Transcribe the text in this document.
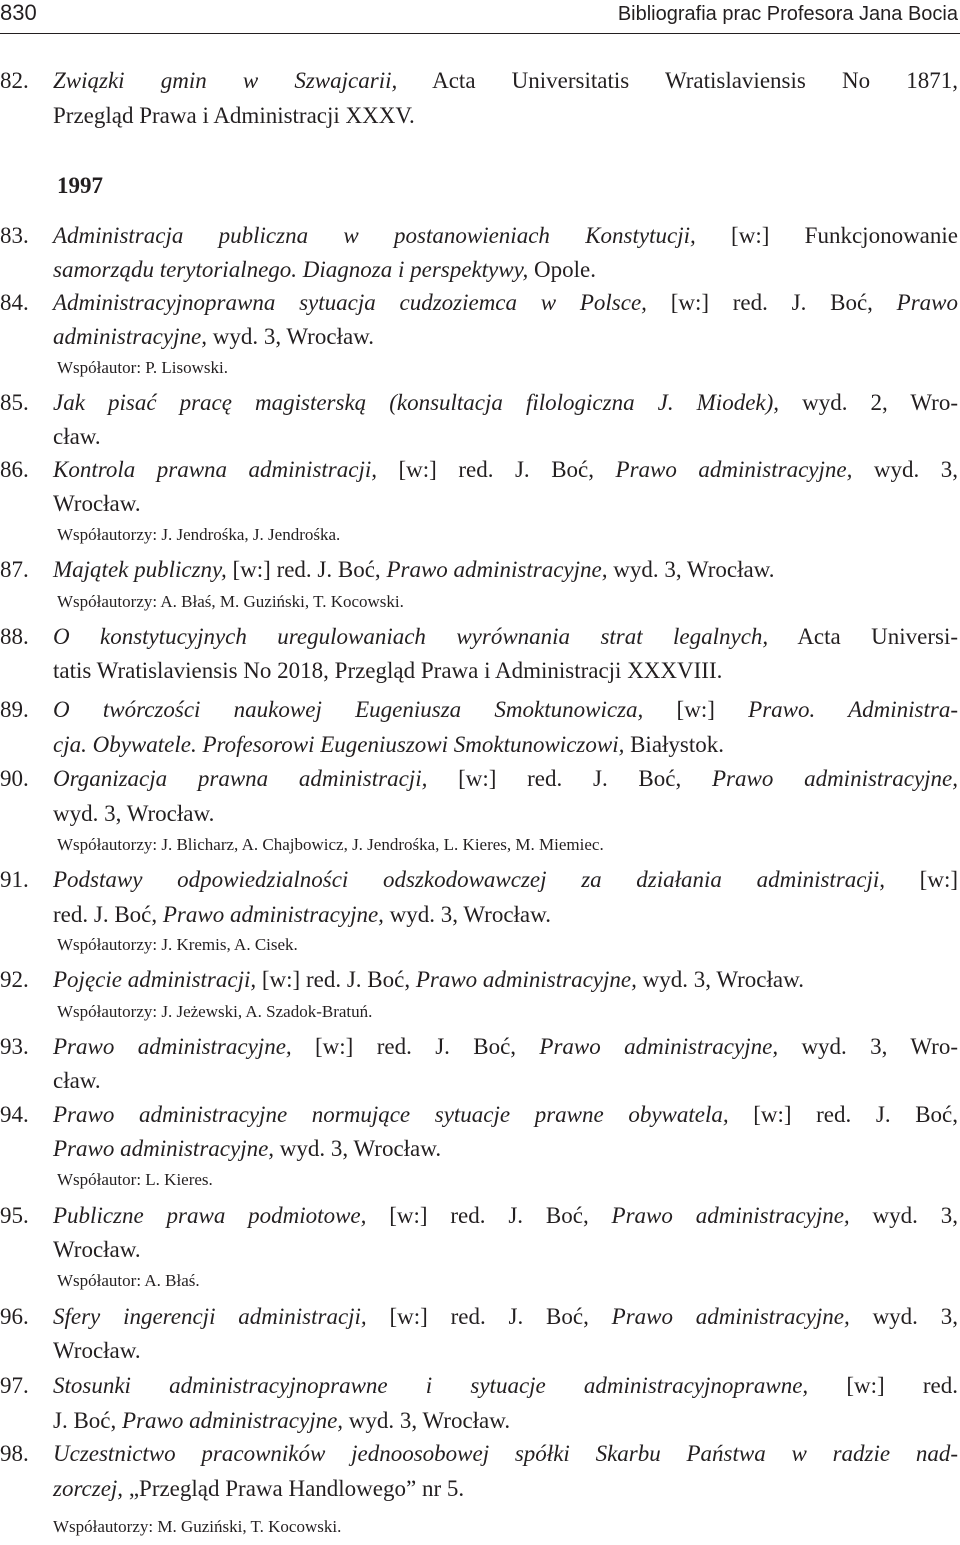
830	Bibliografia prac Profesora Jana Bocia
82. Związki gmin w Szwajcarii, Acta Universitatis Wratislaviensis No 1871,
Przegląd Prawa i Administracji XXXV.
1997
83. Administracja publiczna w postanowieniach Konstytucji, [w:] Funkcjonowanie
samorządu terytorialnego. Diagnoza i perspektywy, Opole.
84. Administracyjnoprawna sytuacja cudzoziemca w Polsce, [w:] red. J. Boć, Prawo
administracyjne, wyd. 3, Wrocław.
Współautor: P. Lisowski.
85. Jak pisać pracę magisterską (konsultacja filologiczna J. Miodek), wyd. 2, Wro-
cław.
86. Kontrola prawna administracji, [w:] red. J. Boć, Prawo administracyjne, wyd. 3,
Wrocław.
Współautorzy: J. Jendrośka, J. Jendrośka.
87. Majątek publiczny, [w:] red. J. Boć, Prawo administracyjne, wyd. 3, Wrocław.
Współautorzy: A. Błaś, M. Guziński, T. Kocowski.
88. O konstytucyjnych uregulowaniach wyrównania strat legalnych, Acta Universi-
tatis Wratislaviensis No 2018, Przegląd Prawa i Administracji XXXVIII.
89. O twórczości naukowej Eugeniusza Smoktunowicza, [w:] Prawo. Administra-
cja. Obywatele. Profesorowi Eugeniuszowi Smoktunowiczowi, Białystok.
90. Organizacja prawna administracji, [w:] red. J. Boć, Prawo administracyjne,
wyd. 3, Wrocław.
Współautorzy: J. Blicharz, A. Chajbowicz, J. Jendrośka, L. Kieres, M. Miemiec.
91. Podstawy odpowiedzialności odszkodowawczej za działania administracji, [w:]
red. J. Boć, Prawo administracyjne, wyd. 3, Wrocław.
Współautorzy: J. Kremis, A. Cisek.
92. Pojęcie administracji, [w:] red. J. Boć, Prawo administracyjne, wyd. 3, Wrocław.
Współautorzy: J. Jeżewski, A. Szadok-Bratuń.
93. Prawo administracyjne, [w:] red. J. Boć, Prawo administracyjne, wyd. 3, Wro-
cław.
94. Prawo administracyjne normujące sytuacje prawne obywatela, [w:] red. J. Boć,
Prawo administracyjne, wyd. 3, Wrocław.
Współautor: L. Kieres.
95. Publiczne prawa podmiotowe, [w:] red. J. Boć, Prawo administracyjne, wyd. 3,
Wrocław.
Współautor: A. Błaś.
96. Sfery ingerencji administracji, [w:] red. J. Boć, Prawo administracyjne, wyd. 3,
Wrocław.
97. Stosunki administracyjnoprawne i sytuacje administracyjnoprawne, [w:] red.
J. Boć, Prawo administracyjne, wyd. 3, Wrocław.
98. Uczestnictwo pracowników jednoosobowej spółki Skarbu Państwa w radzie nad-
zorczej, „Przegląd Prawa Handlowego” nr 5.
Współautorzy: M. Guziński, T. Kocowski.
